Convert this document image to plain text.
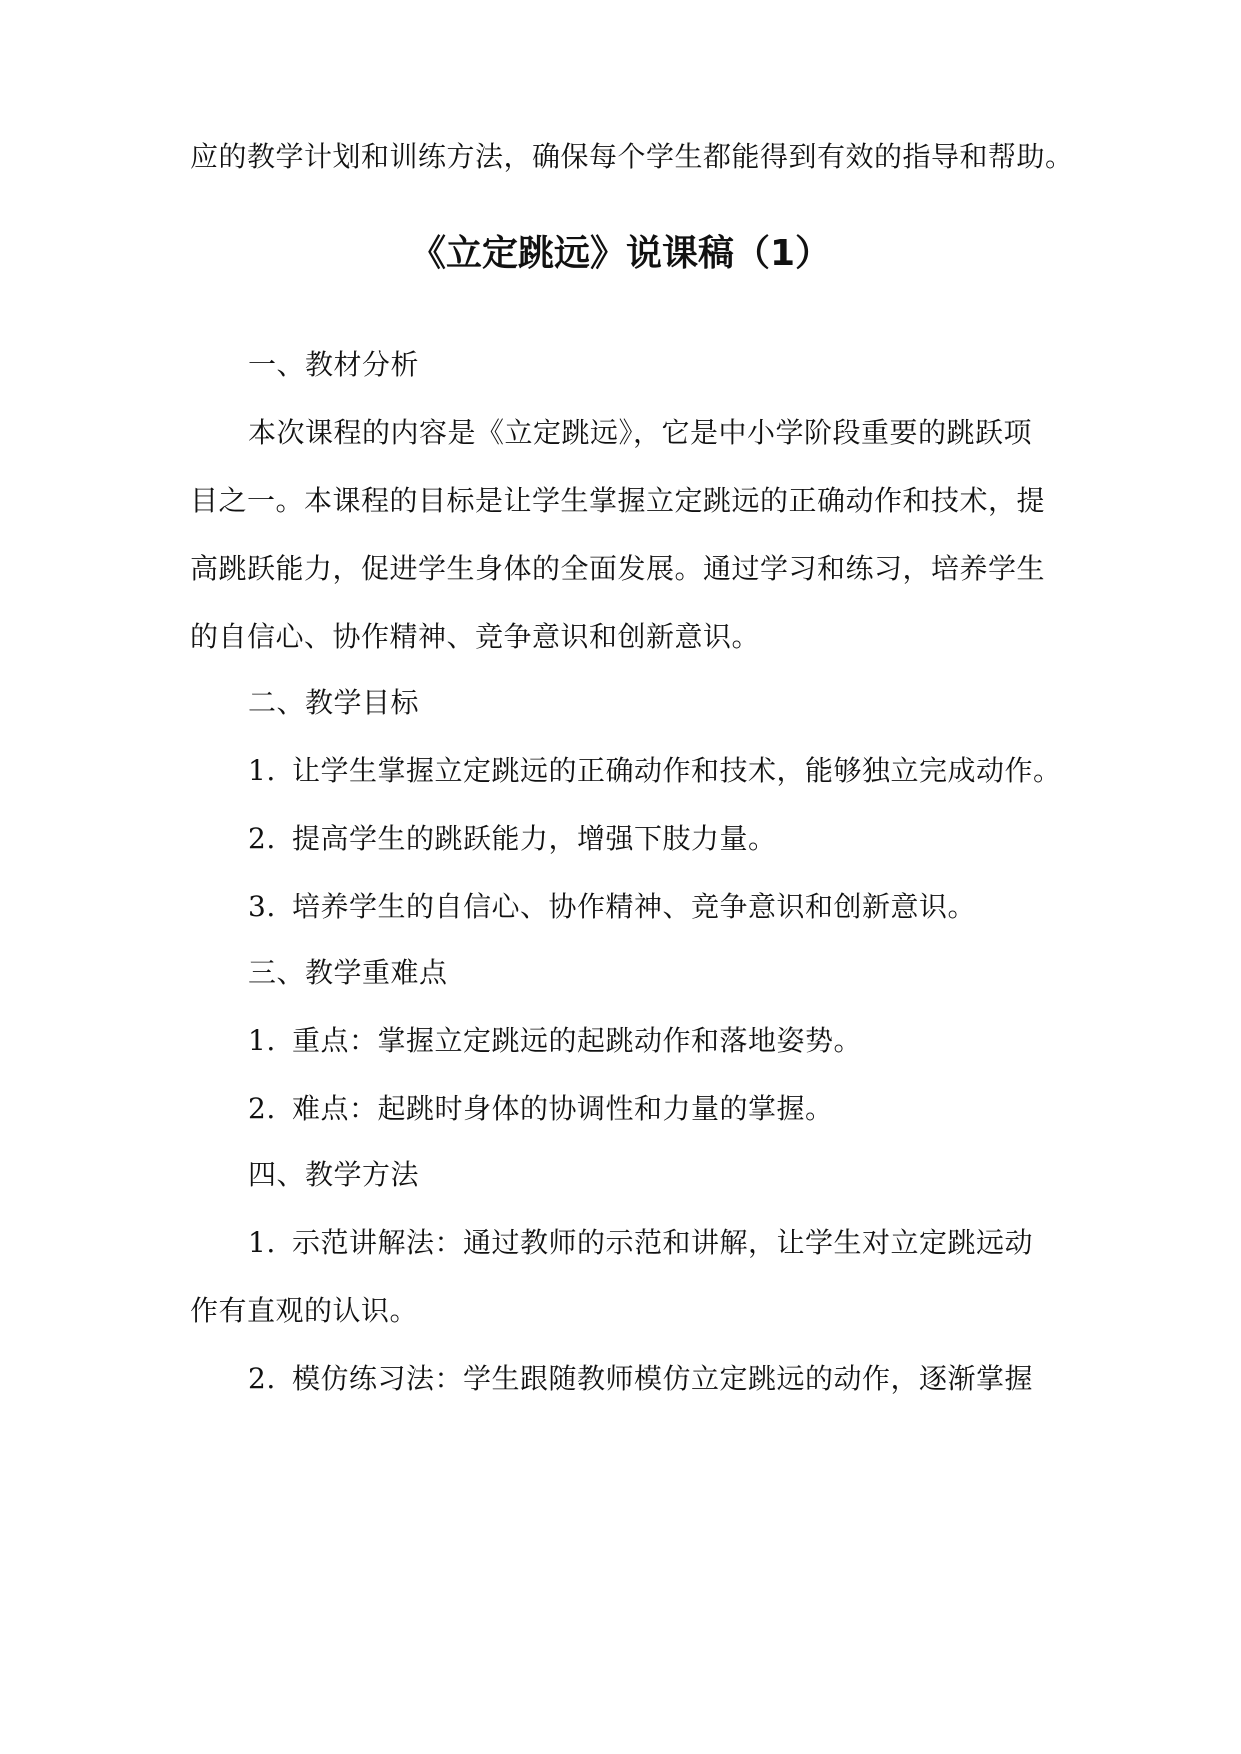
应的教学计划和训练方法，确保每个学生都能得到有效的指导和帮助。
《立定跳远》说课稿（1）
一、教材分析
本次课程的内容是《立定跳远》，它是中小学阶段重要的跳跃项
目之一。本课程的目标是让学生掌握立定跳远的正确动作和技术，提
高跳跃能力，促进学生身体的全面发展。通过学习和练习，培养学生
的自信心、协作精神、竞争意识和创新意识。
二、教学目标
1. 让学生掌握立定跳远的正确动作和技术，能够独立完成动作。
2. 提高学生的跳跃能力，增强下肢力量。
3. 培养学生的自信心、协作精神、竞争意识和创新意识。
三、教学重难点
1. 重点：掌握立定跳远的起跳动作和落地姿势。
2. 难点：起跳时身体的协调性和力量的掌握。
四、教学方法
1. 示范讲解法：通过教师的示范和讲解，让学生对立定跳远动
作有直观的认识。
2. 模仿练习法：学生跟随教师模仿立定跳远的动作，逐渐掌握
